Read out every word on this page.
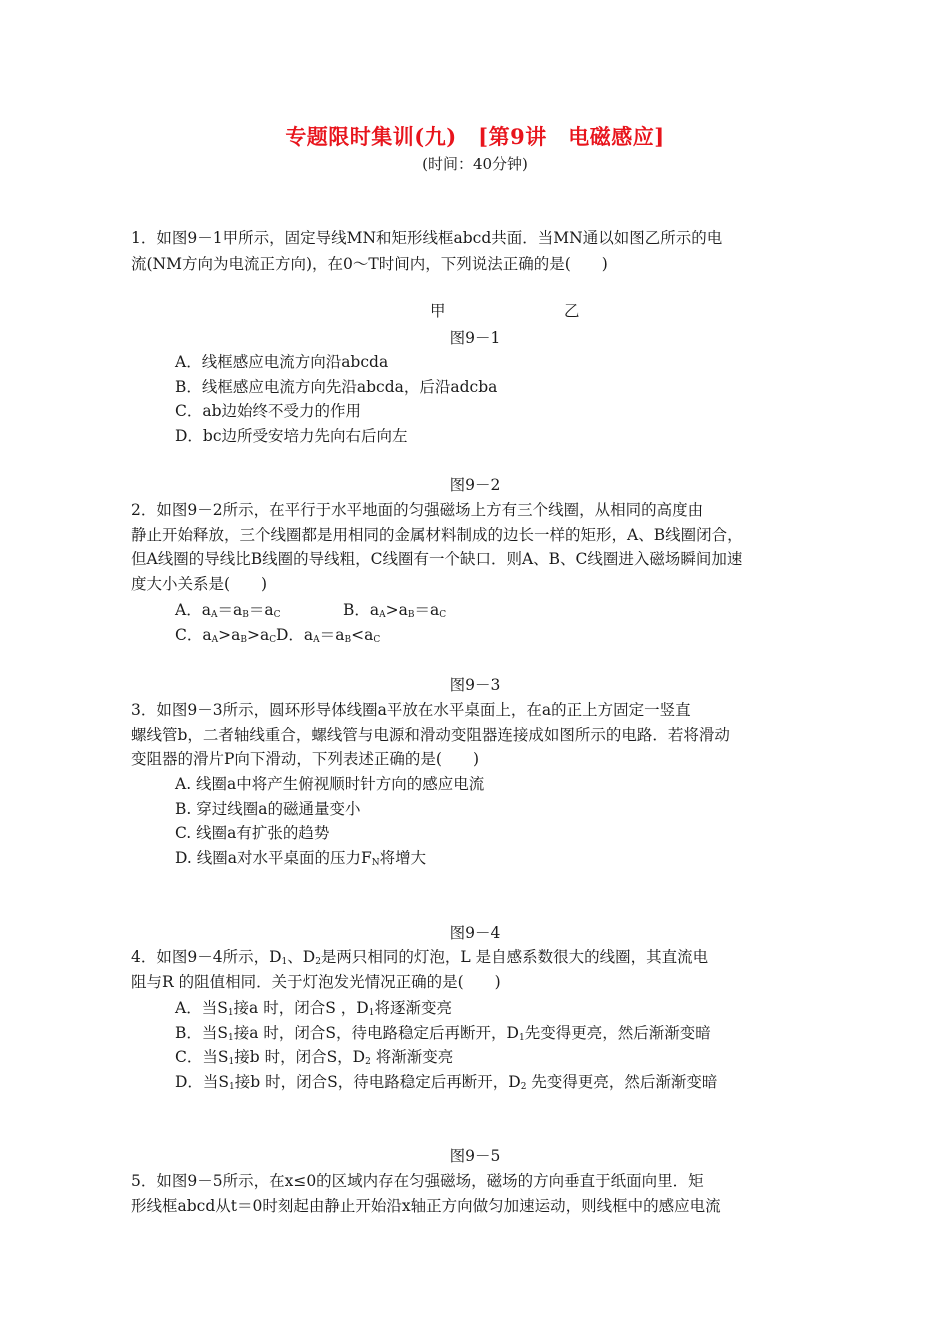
专题限时集训(九)　[第9讲　电磁感应]
(时间：40分钟)
1．如图9－1甲所示，固定导线MN和矩形线框abcd共面．当MN通以如图乙所示的电
流(NM方向为电流正方向)，在0～T时间内，下列说法正确的是(　　)
甲	乙
图9－1
A．线框感应电流方向沿abcda
B．线框感应电流方向先沿abcda，后沿adcba
C．ab边始终不受力的作用
D．bc边所受安培力先向右后向左
图9－2
2．如图9－2所示，在平行于水平地面的匀强磁场上方有三个线圈，从相同的高度由
静止开始释放，三个线圈都是用相同的金属材料制成的边长一样的矩形，A、B线圈闭合，
但A线圈的导线比B线圈的导线粗，C线圈有一个缺口．则A、B、C线圈进入磁场瞬间加速
度大小关系是(　　)
A．$a_A=a_B=a_C$	B．$a_A>a_B=a_C$
C．$a_A>a_B>a_C$ D．$a_A=a_B<a_C$
图9－3
3．如图9－3所示，圆环形导体线圈a平放在水平桌面上，在a的正上方固定一竖直
螺线管b，二者轴线重合，螺线管与电源和滑动变阻器连接成如图所示的电路．若将滑动
变阻器的滑片P向下滑动，下列表述正确的是(　　)
A. 线圈a中将产生俯视顺时针方向的感应电流
B. 穿过线圈a的磁通量变小
C. 线圈a有扩张的趋势
D. 线圈a对水平桌面的压力$F_N$将增大
图9－4
4．如图9－4所示，$D_1$、$D_2$是两只相同的灯泡，L 是自感系数很大的线圈，其直流电
阻与R 的阻值相同．关于灯泡发光情况正确的是(　　)
A．当$S_1$接a 时，闭合S ，$D_1$将逐渐变亮
B．当$S_1$接a 时，闭合S，待电路稳定后再断开，$D_1$先变得更亮，然后渐渐变暗
C．当$S_1$接b 时，闭合S，$D_2$ 将渐渐变亮
D．当$S_1$接b 时，闭合S，待电路稳定后再断开，$D_2$ 先变得更亮，然后渐渐变暗
图9－5
5．如图9－5所示，在x≤0的区域内存在匀强磁场，磁场的方向垂直于纸面向里．矩
形线框abcd从t＝0时刻起由静止开始沿x轴正方向做匀加速运动，则线框中的感应电流
